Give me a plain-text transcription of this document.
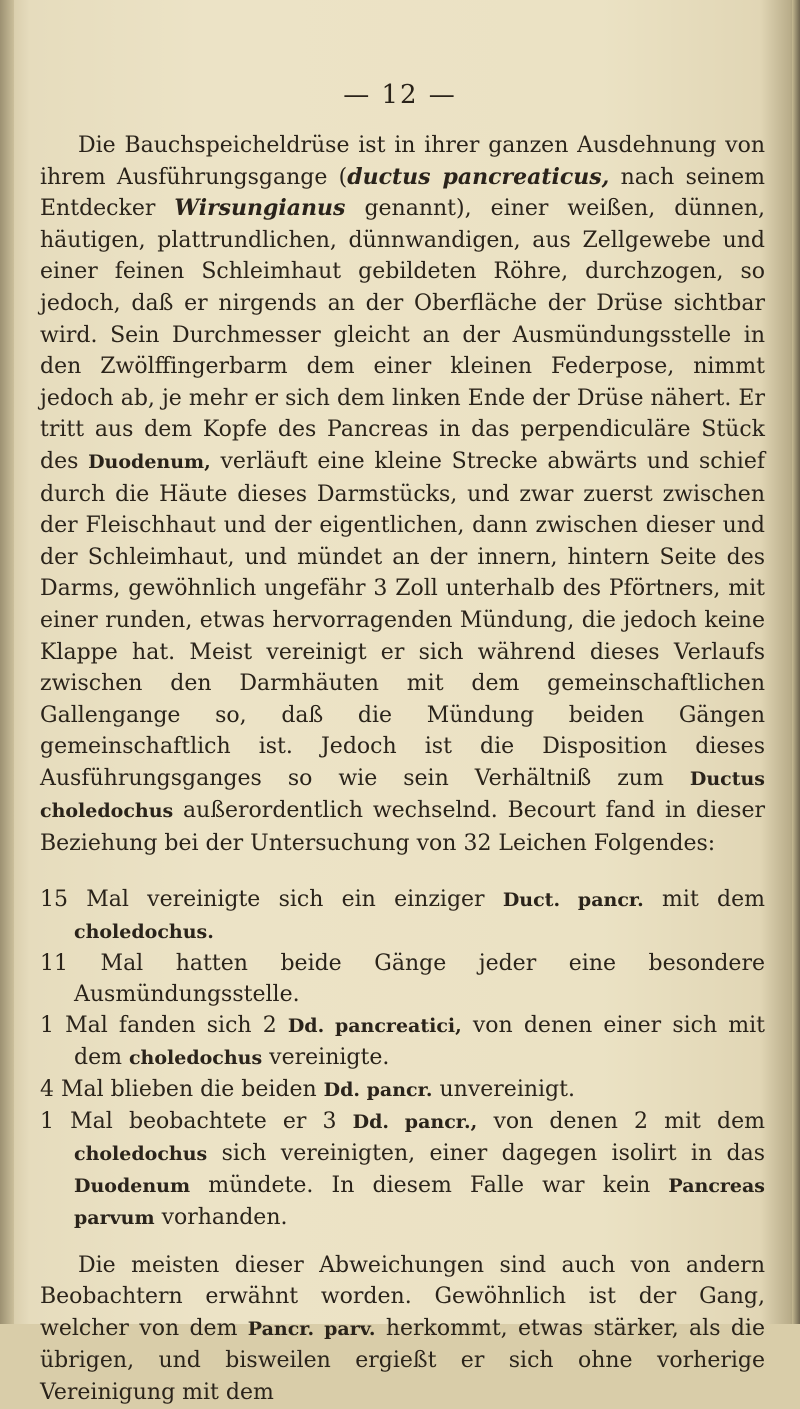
— 12 —

Die Bauchspeicheldrüse ist in ihrer ganzen Ausdehnung von ihrem Ausführungsgange (ductus pancreaticus, nach seinem Entdecker Wirsungianus genannt), einer weißen, dünnen, häutigen, plattrundlichen, dünnwandigen, aus Zellgewebe und einer feinen Schleimhaut gebildeten Röhre, durchzogen, so jedoch, daß er nirgends an der Oberfläche der Drüse sichtbar wird. Sein Durchmesser gleicht an der Ausmündungsstelle in den Zwölffingerbarm dem einer kleinen Federpose, nimmt jedoch ab, je mehr er sich dem linken Ende der Drüse nähert. Er tritt aus dem Kopfe des Pancreas in das perpendiculäre Stück des Duodenum, verläuft eine kleine Strecke abwärts und schief durch die Häute dieses Darmstücks, und zwar zuerst zwischen der Fleischhaut und der eigentlichen, dann zwischen dieser und der Schleimhaut, und mündet an der innern, hintern Seite des Darms, gewöhnlich ungefähr 3 Zoll unterhalb des Pförtners, mit einer runden, etwas hervorragenden Mündung, die jedoch keine Klappe hat. Meist vereinigt er sich während dieses Verlaufs zwischen den Darmhäuten mit dem gemeinschaftlichen Gallengange so, daß die Mündung beiden Gängen gemeinschaftlich ist. Jedoch ist die Disposition dieses Ausführungsganges so wie sein Verhältniß zum Ductus choledochus außerordentlich wechselnd. Becourt fand in dieser Beziehung bei der Untersuchung von 32 Leichen Folgendes:

15 Mal vereinigte sich ein einziger Duct. pancr. mit dem choledochus.

11 Mal hatten beide Gänge jeder eine besondere Ausmündungsstelle.

1 Mal fanden sich 2 Dd. pancreatici, von denen einer sich mit dem choledochus vereinigte.

4 Mal blieben die beiden Dd. pancr. unvereinigt.

1 Mal beobachtete er 3 Dd. pancr., von denen 2 mit dem choledochus sich vereinigten, einer dagegen isolirt in das Duodenum mündete. In diesem Falle war kein Pancreas parvum vorhanden.

Die meisten dieser Abweichungen sind auch von andern Beobachtern erwähnt worden. Gewöhnlich ist der Gang, welcher von dem Pancr. parv. herkommt, etwas stärker, als die übrigen, und bisweilen ergießt er sich ohne vorherige Vereinigung mit dem
